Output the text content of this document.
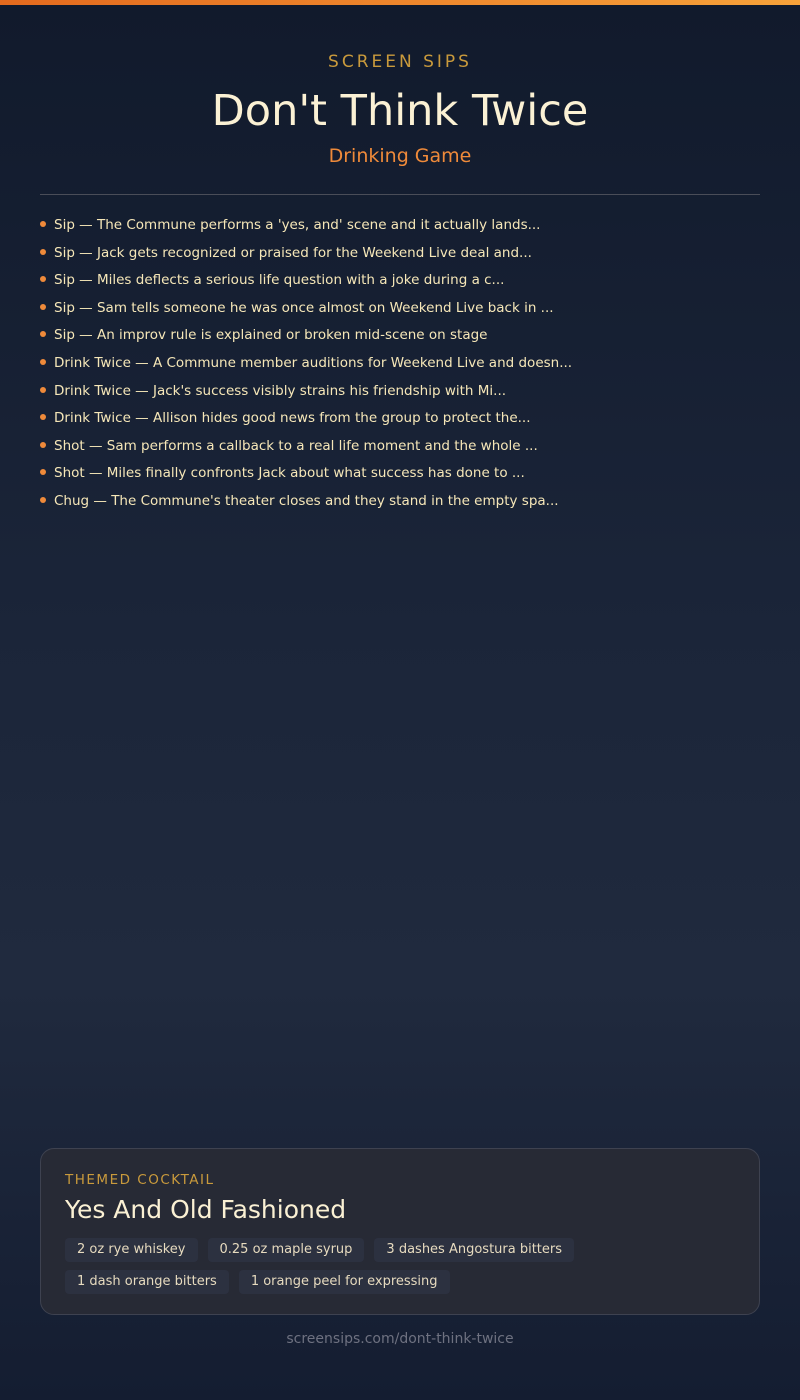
SCREEN SIPS
Don't Think Twice
Drinking Game
Sip — The Commune performs a 'yes, and' scene and it actually lands...
Sip — Jack gets recognized or praised for the Weekend Live deal and...
Sip — Miles deflects a serious life question with a joke during a c...
Sip — Sam tells someone he was once almost on Weekend Live back in ...
Sip — An improv rule is explained or broken mid-scene on stage
Drink Twice — A Commune member auditions for Weekend Live and doesn...
Drink Twice — Jack's success visibly strains his friendship with Mi...
Drink Twice — Allison hides good news from the group to protect the...
Shot — Sam performs a callback to a real life moment and the whole ...
Shot — Miles finally confronts Jack about what success has done to ...
Chug — The Commune's theater closes and they stand in the empty spa...
THEMED COCKTAIL
Yes And Old Fashioned
2 oz rye whiskey	0.25 oz maple syrup	3 dashes Angostura bitters
1 dash orange bitters	1 orange peel for expressing
screensips.com/dont-think-twice
